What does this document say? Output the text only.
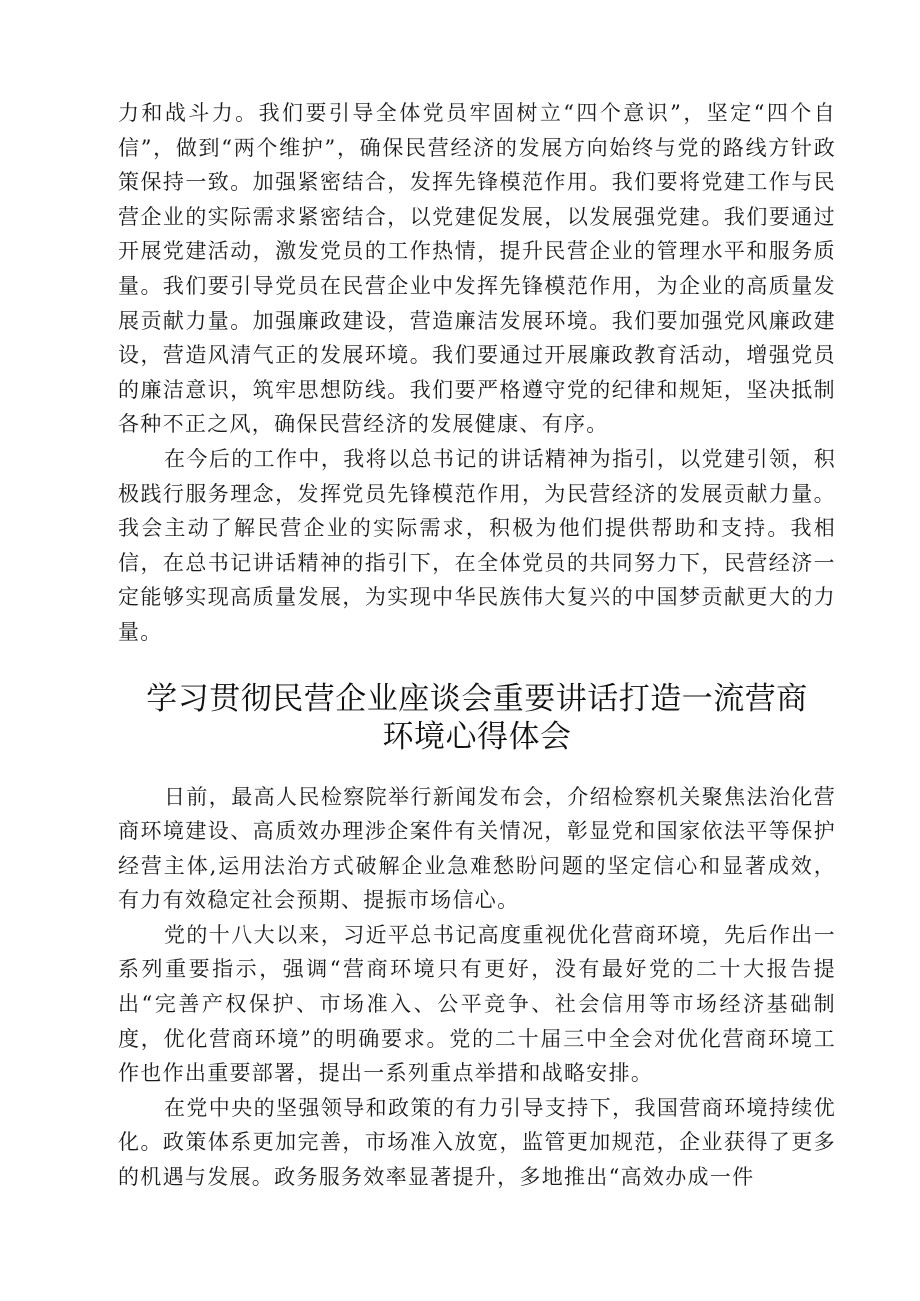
力和战斗力。我们要引导全体党员牢固树立“四个意识”，坚定“四个自信”，做到“两个维护”，确保民营经济的发展方向始终与党的路线方针政策保持一致。加强紧密结合，发挥先锋模范作用。我们要将党建工作与民营企业的实际需求紧密结合，以党建促发展，以发展强党建。我们要通过开展党建活动，激发党员的工作热情，提升民营企业的管理水平和服务质量。我们要引导党员在民营企业中发挥先锋模范作用，为企业的高质量发展贡献力量。加强廉政建设，营造廉洁发展环境。我们要加强党风廉政建设，营造风清气正的发展环境。我们要通过开展廉政教育活动，增强党员的廉洁意识，筑牢思想防线。我们要严格遵守党的纪律和规矩，坚决抵制各种不正之风，确保民营经济的发展健康、有序。

在今后的工作中，我将以总书记的讲话精神为指引，以党建引领，积极践行服务理念，发挥党员先锋模范作用，为民营经济的发展贡献力量。我会主动了解民营企业的实际需求，积极为他们提供帮助和支持。我相信，在总书记讲话精神的指引下，在全体党员的共同努力下，民营经济一定能够实现高质量发展，为实现中华民族伟大复兴的中国梦贡献更大的力量。

学习贯彻民营企业座谈会重要讲话打造一流营商
环境心得体会

日前，最高人民检察院举行新闻发布会，介绍检察机关聚焦法治化营商环境建设、高质效办理涉企案件有关情况，彰显党和国家依法平等保护经营主体,运用法治方式破解企业急难愁盼问题的坚定信心和显著成效，有力有效稳定社会预期、提振市场信心。

党的十八大以来，习近平总书记高度重视优化营商环境，先后作出一系列重要指示，强调“营商环境只有更好，没有最好党的二十大报告提出“完善产权保护、市场准入、公平竞争、社会信用等市场经济基础制度，优化营商环境”的明确要求。党的二十届三中全会对优化营商环境工作也作出重要部署，提出一系列重点举措和战略安排。

在党中央的坚强领导和政策的有力引导支持下，我国营商环境持续优化。政策体系更加完善，市场准入放宽，监管更加规范，企业获得了更多的机遇与发展。政务服务效率显著提升，多地推出“高效办成一件
